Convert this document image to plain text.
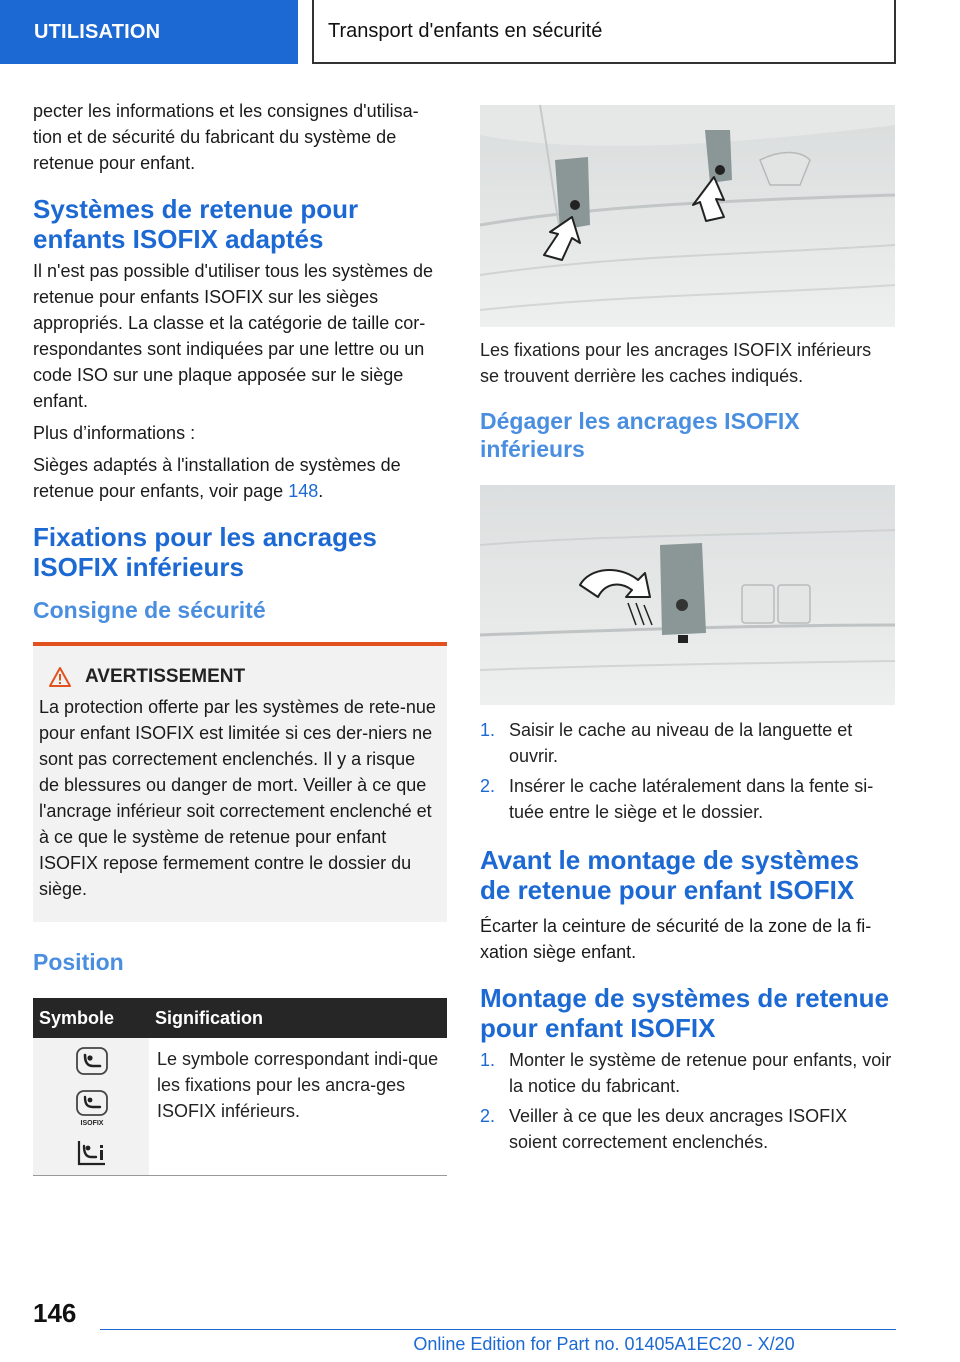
UTILISATION	Transport d'enfants en sécurité

pecter les informations et les consignes d'utilisa-tion et de sécurité du fabricant du système de retenue pour enfant.

Systèmes de retenue pour enfants ISOFIX adaptés

Il n'est pas possible d'utiliser tous les systèmes de retenue pour enfants ISOFIX sur les sièges appropriés. La classe et la catégorie de taille cor-respondantes sont indiquées par une lettre ou un code ISO sur une plaque apposée sur le siège enfant.

Plus d’informations :

Sièges adaptés à l'installation de systèmes de retenue pour enfants, voir page 148.

Fixations pour les ancrages ISOFIX inférieurs
Consigne de sécurité
AVERTISSEMENT
La protection offerte par les systèmes de rete-nue pour enfant ISOFIX est limitée si ces der-niers ne sont pas correctement enclenchés. Il y a risque de blessures ou danger de mort. Veiller à ce que l'ancrage inférieur soit correctement enclenché et à ce que le système de retenue pour enfant ISOFIX repose fermement contre le dossier du siège.
Position
Symbole	Signification

ISOFIX	Le symbole correspondant indi-que les fixations pour les ancra-ges ISOFIX inférieurs.

Les fixations pour les ancrages ISOFIX inférieurs se trouvent derrière les caches indiqués.

Dégager les ancrages ISOFIX inférieurs
1. Saisir le cache au niveau de la languette et ouvrir.
2. Insérer le cache latéralement dans la fente si-tuée entre le siège et le dossier.
Avant le montage de systèmes de retenue pour enfant ISOFIX

Écarter la ceinture de sécurité de la zone de la fi-xation siège enfant.

Montage de systèmes de retenue pour enfant ISOFIX
1. Monter le système de retenue pour enfants, voir la notice du fabricant.
2. Veiller à ce que les deux ancrages ISOFIX soient correctement enclenchés.
146
Online Edition for Part no. 01405A1EC20 - X/20
